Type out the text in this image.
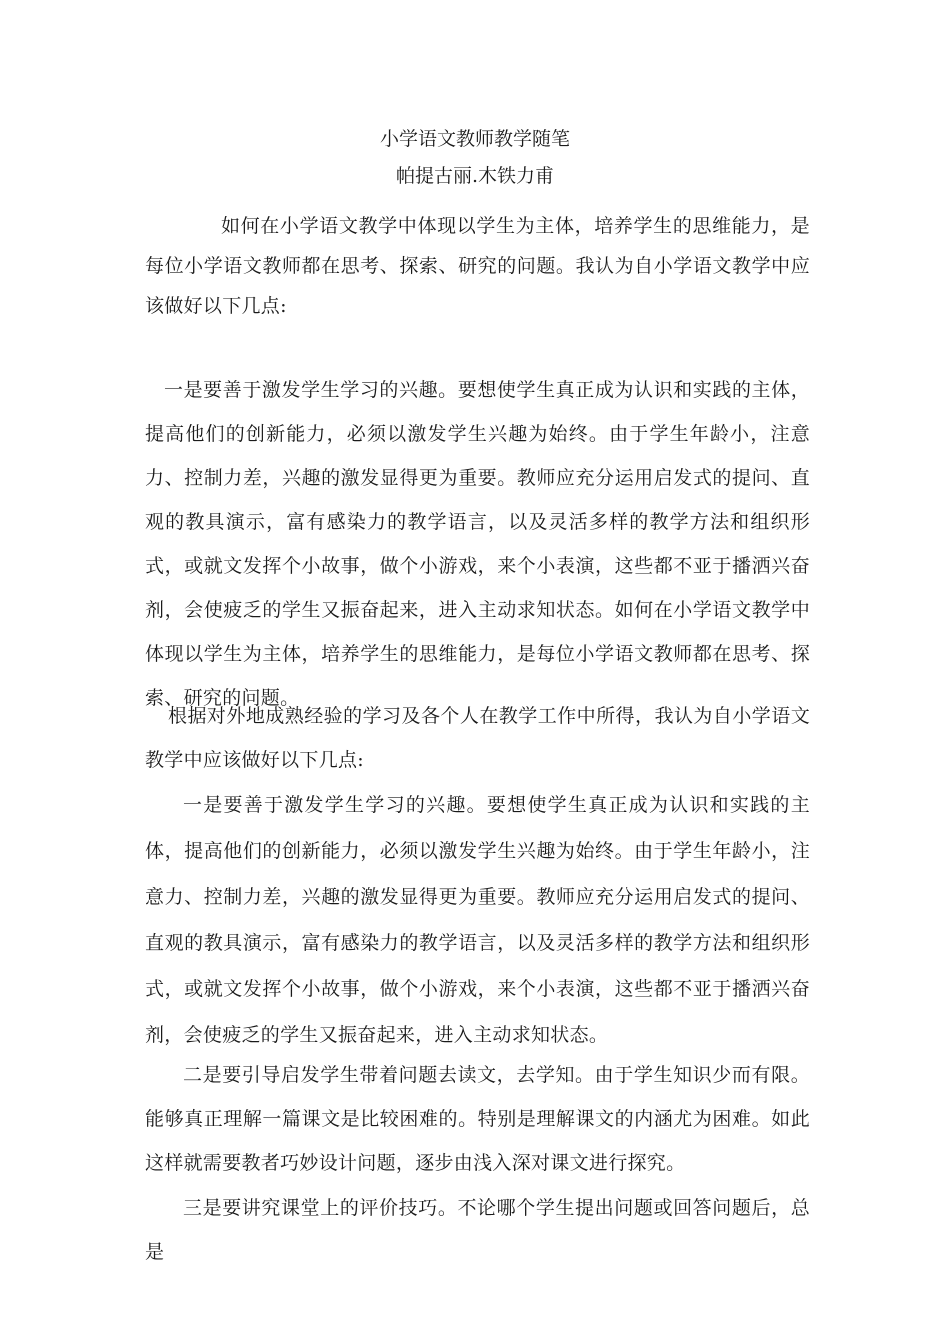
小学语文教师教学随笔

帕提古丽.木铁力甫

如何在小学语文教学中体现以学生为主体，培养学生的思维能力，是每位小学语文教师都在思考、探索、研究的问题。我认为自小学语文教学中应该做好以下几点:

一是要善于激发学生学习的兴趣。要想使学生真正成为认识和实践的主体，提高他们的创新能力，必须以激发学生兴趣为始终。由于学生年龄小，注意力、控制力差，兴趣的激发显得更为重要。教师应充分运用启发式的提问、直观的教具演示，富有感染力的教学语言，以及灵活多样的教学方法和组织形式，或就文发挥个小故事，做个小游戏，来个小表演，这些都不亚于播洒兴奋剂，会使疲乏的学生又振奋起来，进入主动求知状态。如何在小学语文教学中体现以学生为主体，培养学生的思维能力，是每位小学语文教师都在思考、探索、研究的问题。

根据对外地成熟经验的学习及各个人在教学工作中所得，我认为自小学语文教学中应该做好以下几点:

一是要善于激发学生学习的兴趣。要想使学生真正成为认识和实践的主体，提高他们的创新能力，必须以激发学生兴趣为始终。由于学生年龄小，注意力、控制力差，兴趣的激发显得更为重要。教师应充分运用启发式的提问、直观的教具演示，富有感染力的教学语言，以及灵活多样的教学方法和组织形式，或就文发挥个小故事，做个小游戏，来个小表演，这些都不亚于播洒兴奋剂，会使疲乏的学生又振奋起来，进入主动求知状态。

二是要引导启发学生带着问题去读文，去学知。由于学生知识少而有限。能够真正理解一篇课文是比较困难的。特别是理解课文的内涵尤为困难。如此这样就需要教者巧妙设计问题，逐步由浅入深对课文进行探究。

三是要讲究课堂上的评价技巧。不论哪个学生提出问题或回答问题后，总是
